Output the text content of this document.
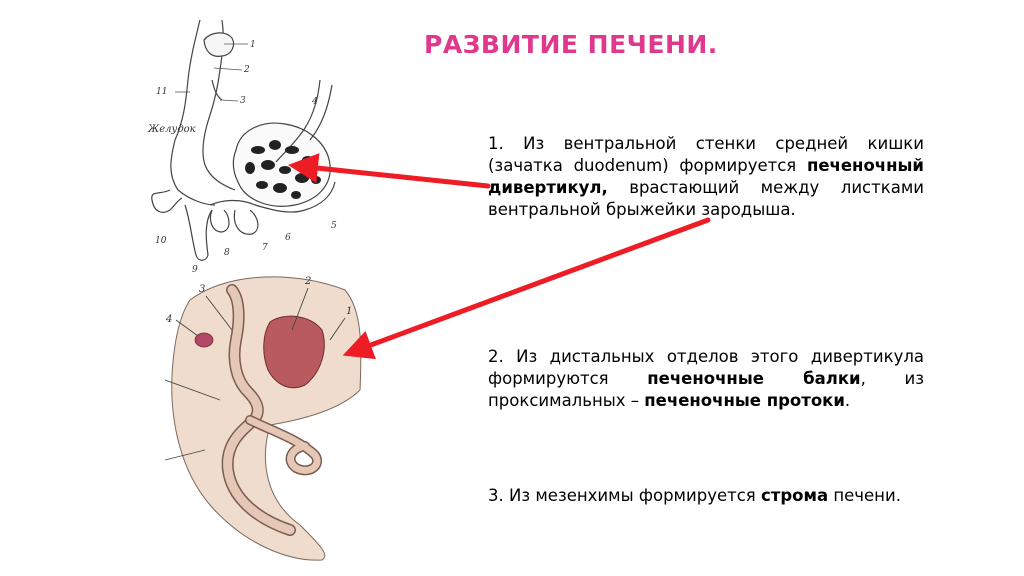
РАЗВИТИЕ ПЕЧЕНИ.
1. Из вентральной стенки средней кишки (зачатка duodenum) формируется печеночный дивертикул, врастающий между листками вентральной брыжейки зародыша.
2. Из дистальных отделов этого дивертикула формируются печеночные балки, из проксимальных – печеночные протоки.
3. Из мезенхимы формируется строма печени.
Желудок
1
2
3	4
5
6
7
8
9
10
11
4
3
2
1
